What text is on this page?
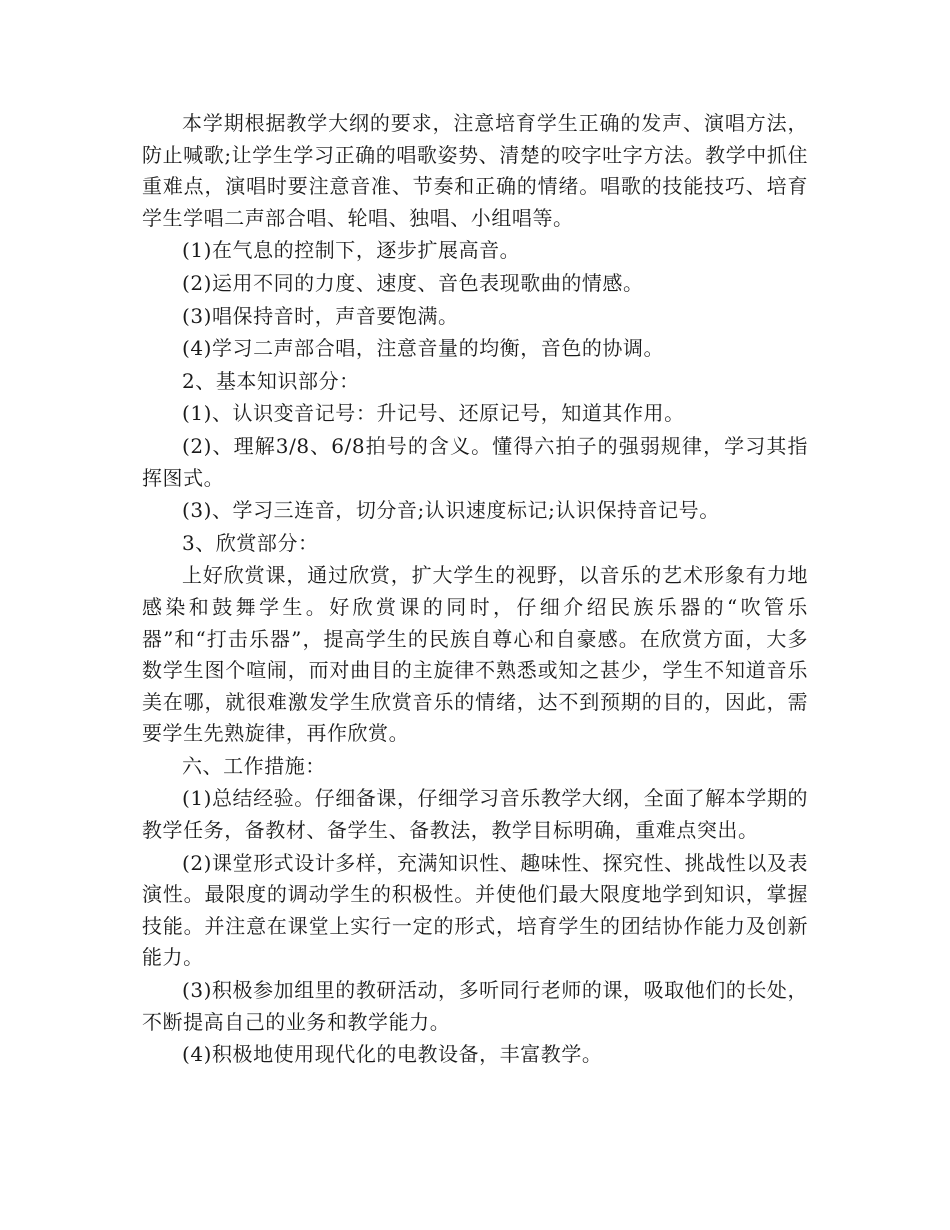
本学期根据教学大纲的要求，注意培育学生正确的发声、演唱方法，防止喊歌;让学生学习正确的唱歌姿势、清楚的咬字吐字方法。教学中抓住重难点，演唱时要注意音准、节奏和正确的情绪。唱歌的技能技巧、培育学生学唱二声部合唱、轮唱、独唱、小组唱等。

(1)在气息的控制下，逐步扩展高音。

(2)运用不同的力度、速度、音色表现歌曲的情感。

(3)唱保持音时，声音要饱满。

(4)学习二声部合唱，注意音量的均衡，音色的协调。

2、基本知识部分：

(1)、认识变音记号：升记号、还原记号，知道其作用。

(2)、理解3/8、6/8拍号的含义。懂得六拍子的强弱规律，学习其指挥图式。

(3)、学习三连音，切分音;认识速度标记;认识保持音记号。

3、欣赏部分：

上好欣赏课，通过欣赏，扩大学生的视野，以音乐的艺术形象有力地感染和鼓舞学生。好欣赏课的同时，仔细介绍民族乐器的“吹管乐器”和“打击乐器”，提高学生的民族自尊心和自豪感。在欣赏方面，大多数学生图个喧闹，而对曲目的主旋律不熟悉或知之甚少，学生不知道音乐美在哪，就很难激发学生欣赏音乐的情绪，达不到预期的目的，因此，需要学生先熟旋律，再作欣赏。

六、工作措施：

(1)总结经验。仔细备课，仔细学习音乐教学大纲，全面了解本学期的教学任务，备教材、备学生、备教法，教学目标明确，重难点突出。

(2)课堂形式设计多样，充满知识性、趣味性、探究性、挑战性以及表演性。最限度的调动学生的积极性。并使他们最大限度地学到知识，掌握技能。并注意在课堂上实行一定的形式，培育学生的团结协作能力及创新能力。

(3)积极参加组里的教研活动，多听同行老师的课，吸取他们的长处，不断提高自己的业务和教学能力。

(4)积极地使用现代化的电教设备，丰富教学。
